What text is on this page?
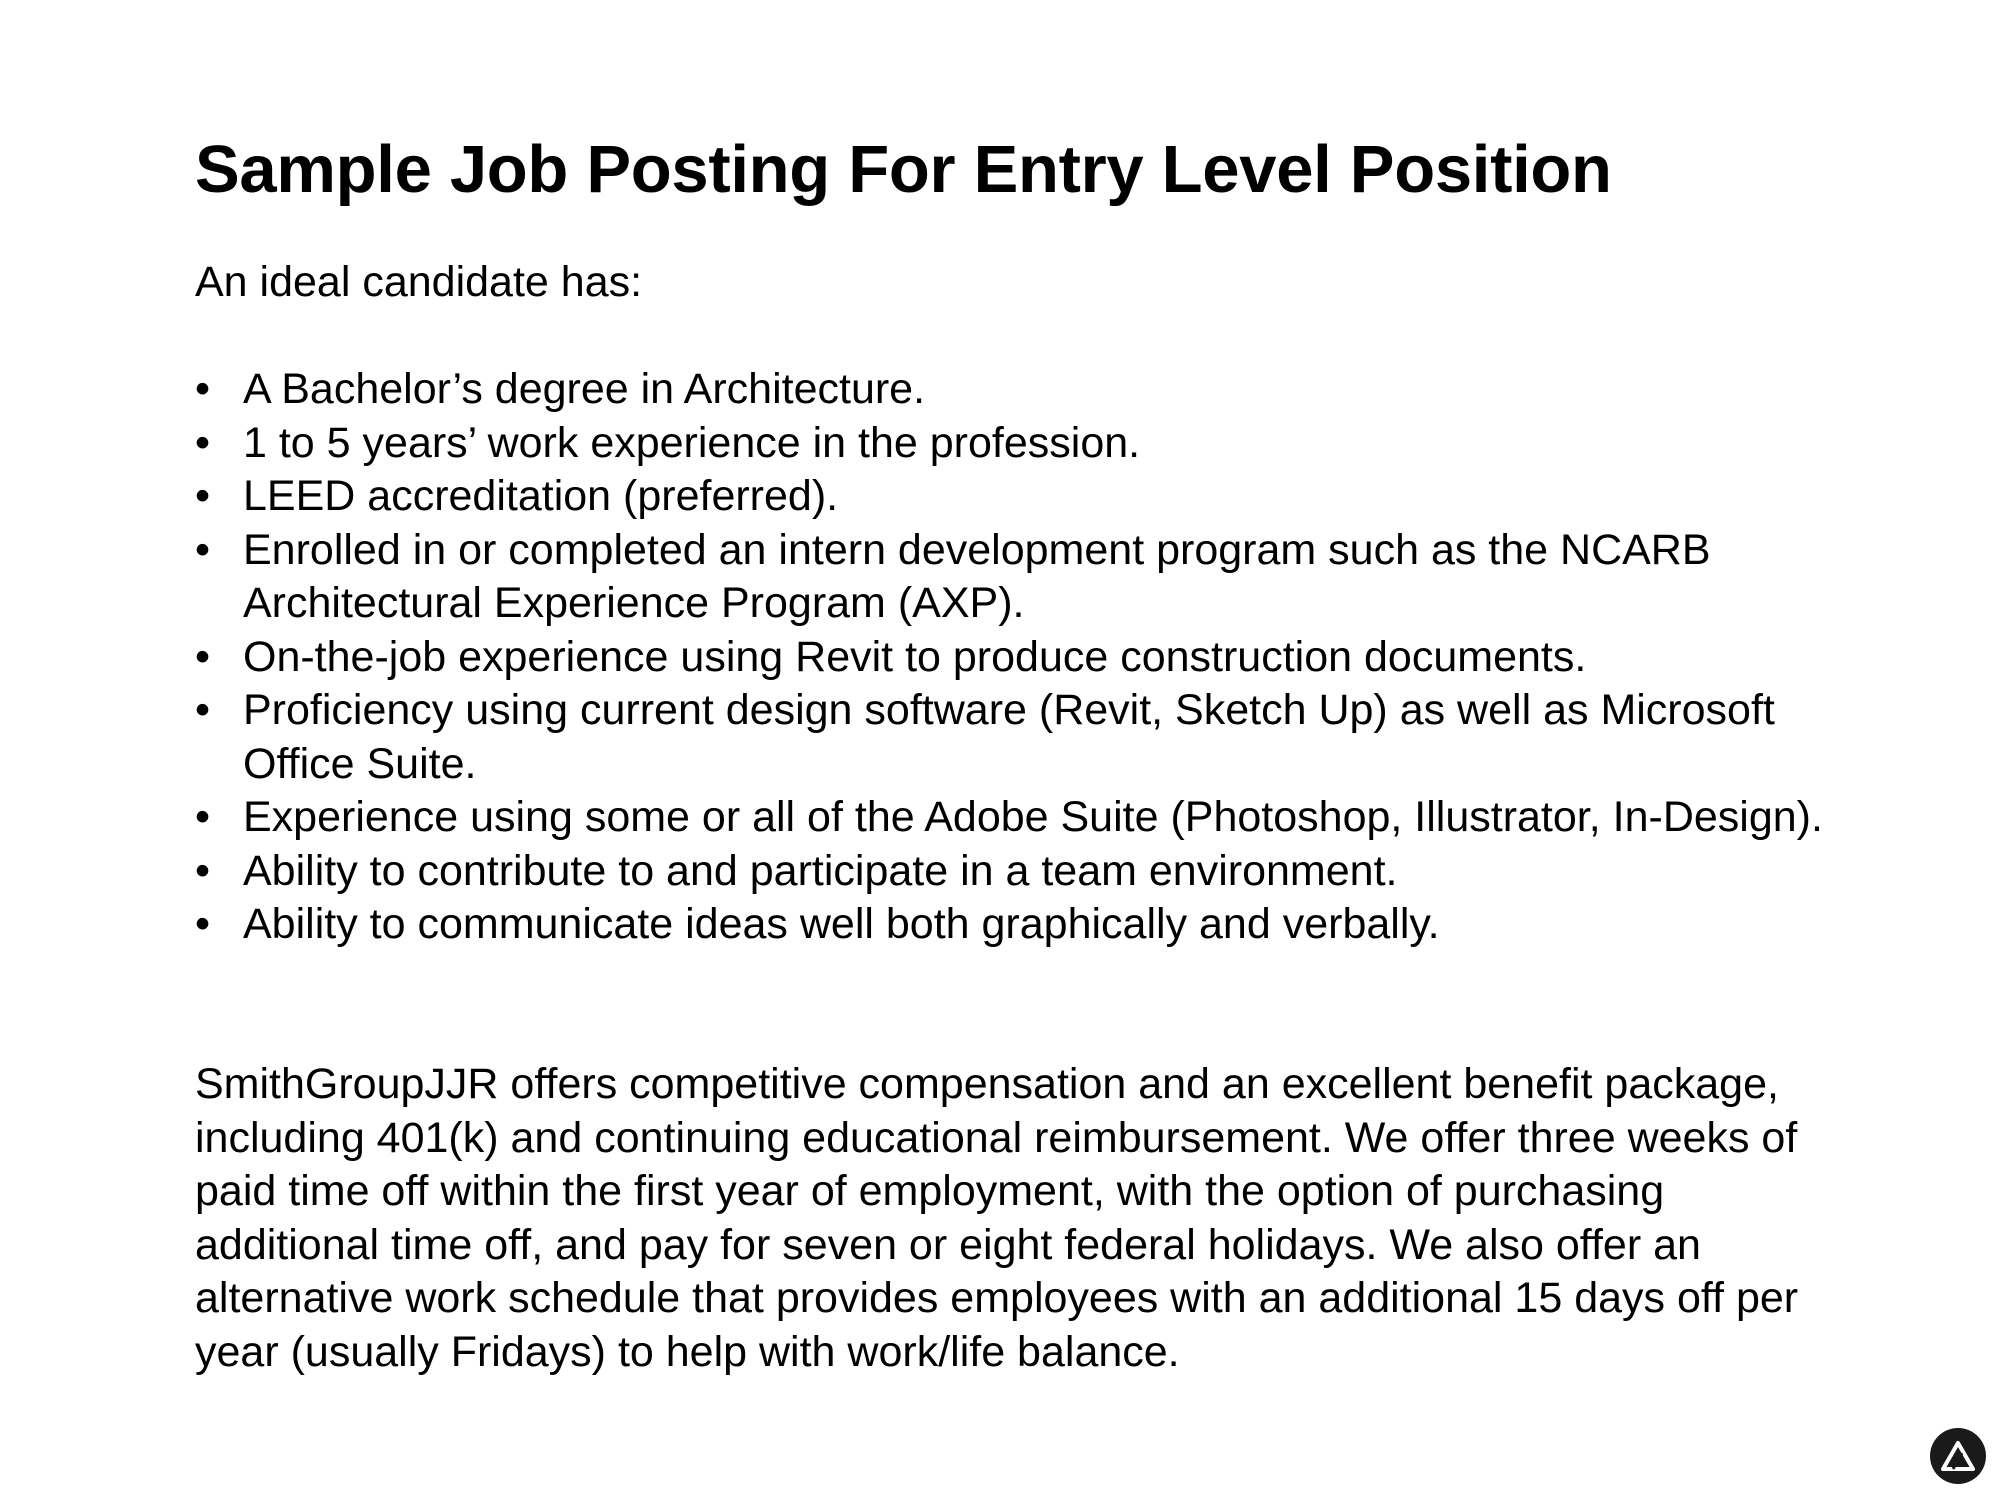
Sample Job Posting For Entry Level Position

An ideal candidate has:

• A Bachelor’s degree in Architecture.
• 1 to 5 years’ work experience in the profession.
• LEED accreditation (preferred).
• Enrolled in or completed an intern development program such as the NCARB Architectural Experience Program (AXP).
• On-the-job experience using Revit to produce construction documents.
• Proficiency using current design software (Revit, Sketch Up) as well as Microsoft Office Suite.
• Experience using some or all of the Adobe Suite (Photoshop, Illustrator, In-Design).
• Ability to contribute to and participate in a team environment.
• Ability to communicate ideas well both graphically and verbally.

SmithGroupJJR offers competitive compensation and an excellent benefit package, including 401(k) and continuing educational reimbursement. We offer three weeks of paid time off within the first year of employment, with the option of purchasing additional time off, and pay for seven or eight federal holidays. We also offer an alternative work schedule that provides employees with an additional 15 days off per year (usually Fridays) to help with work/life balance.
